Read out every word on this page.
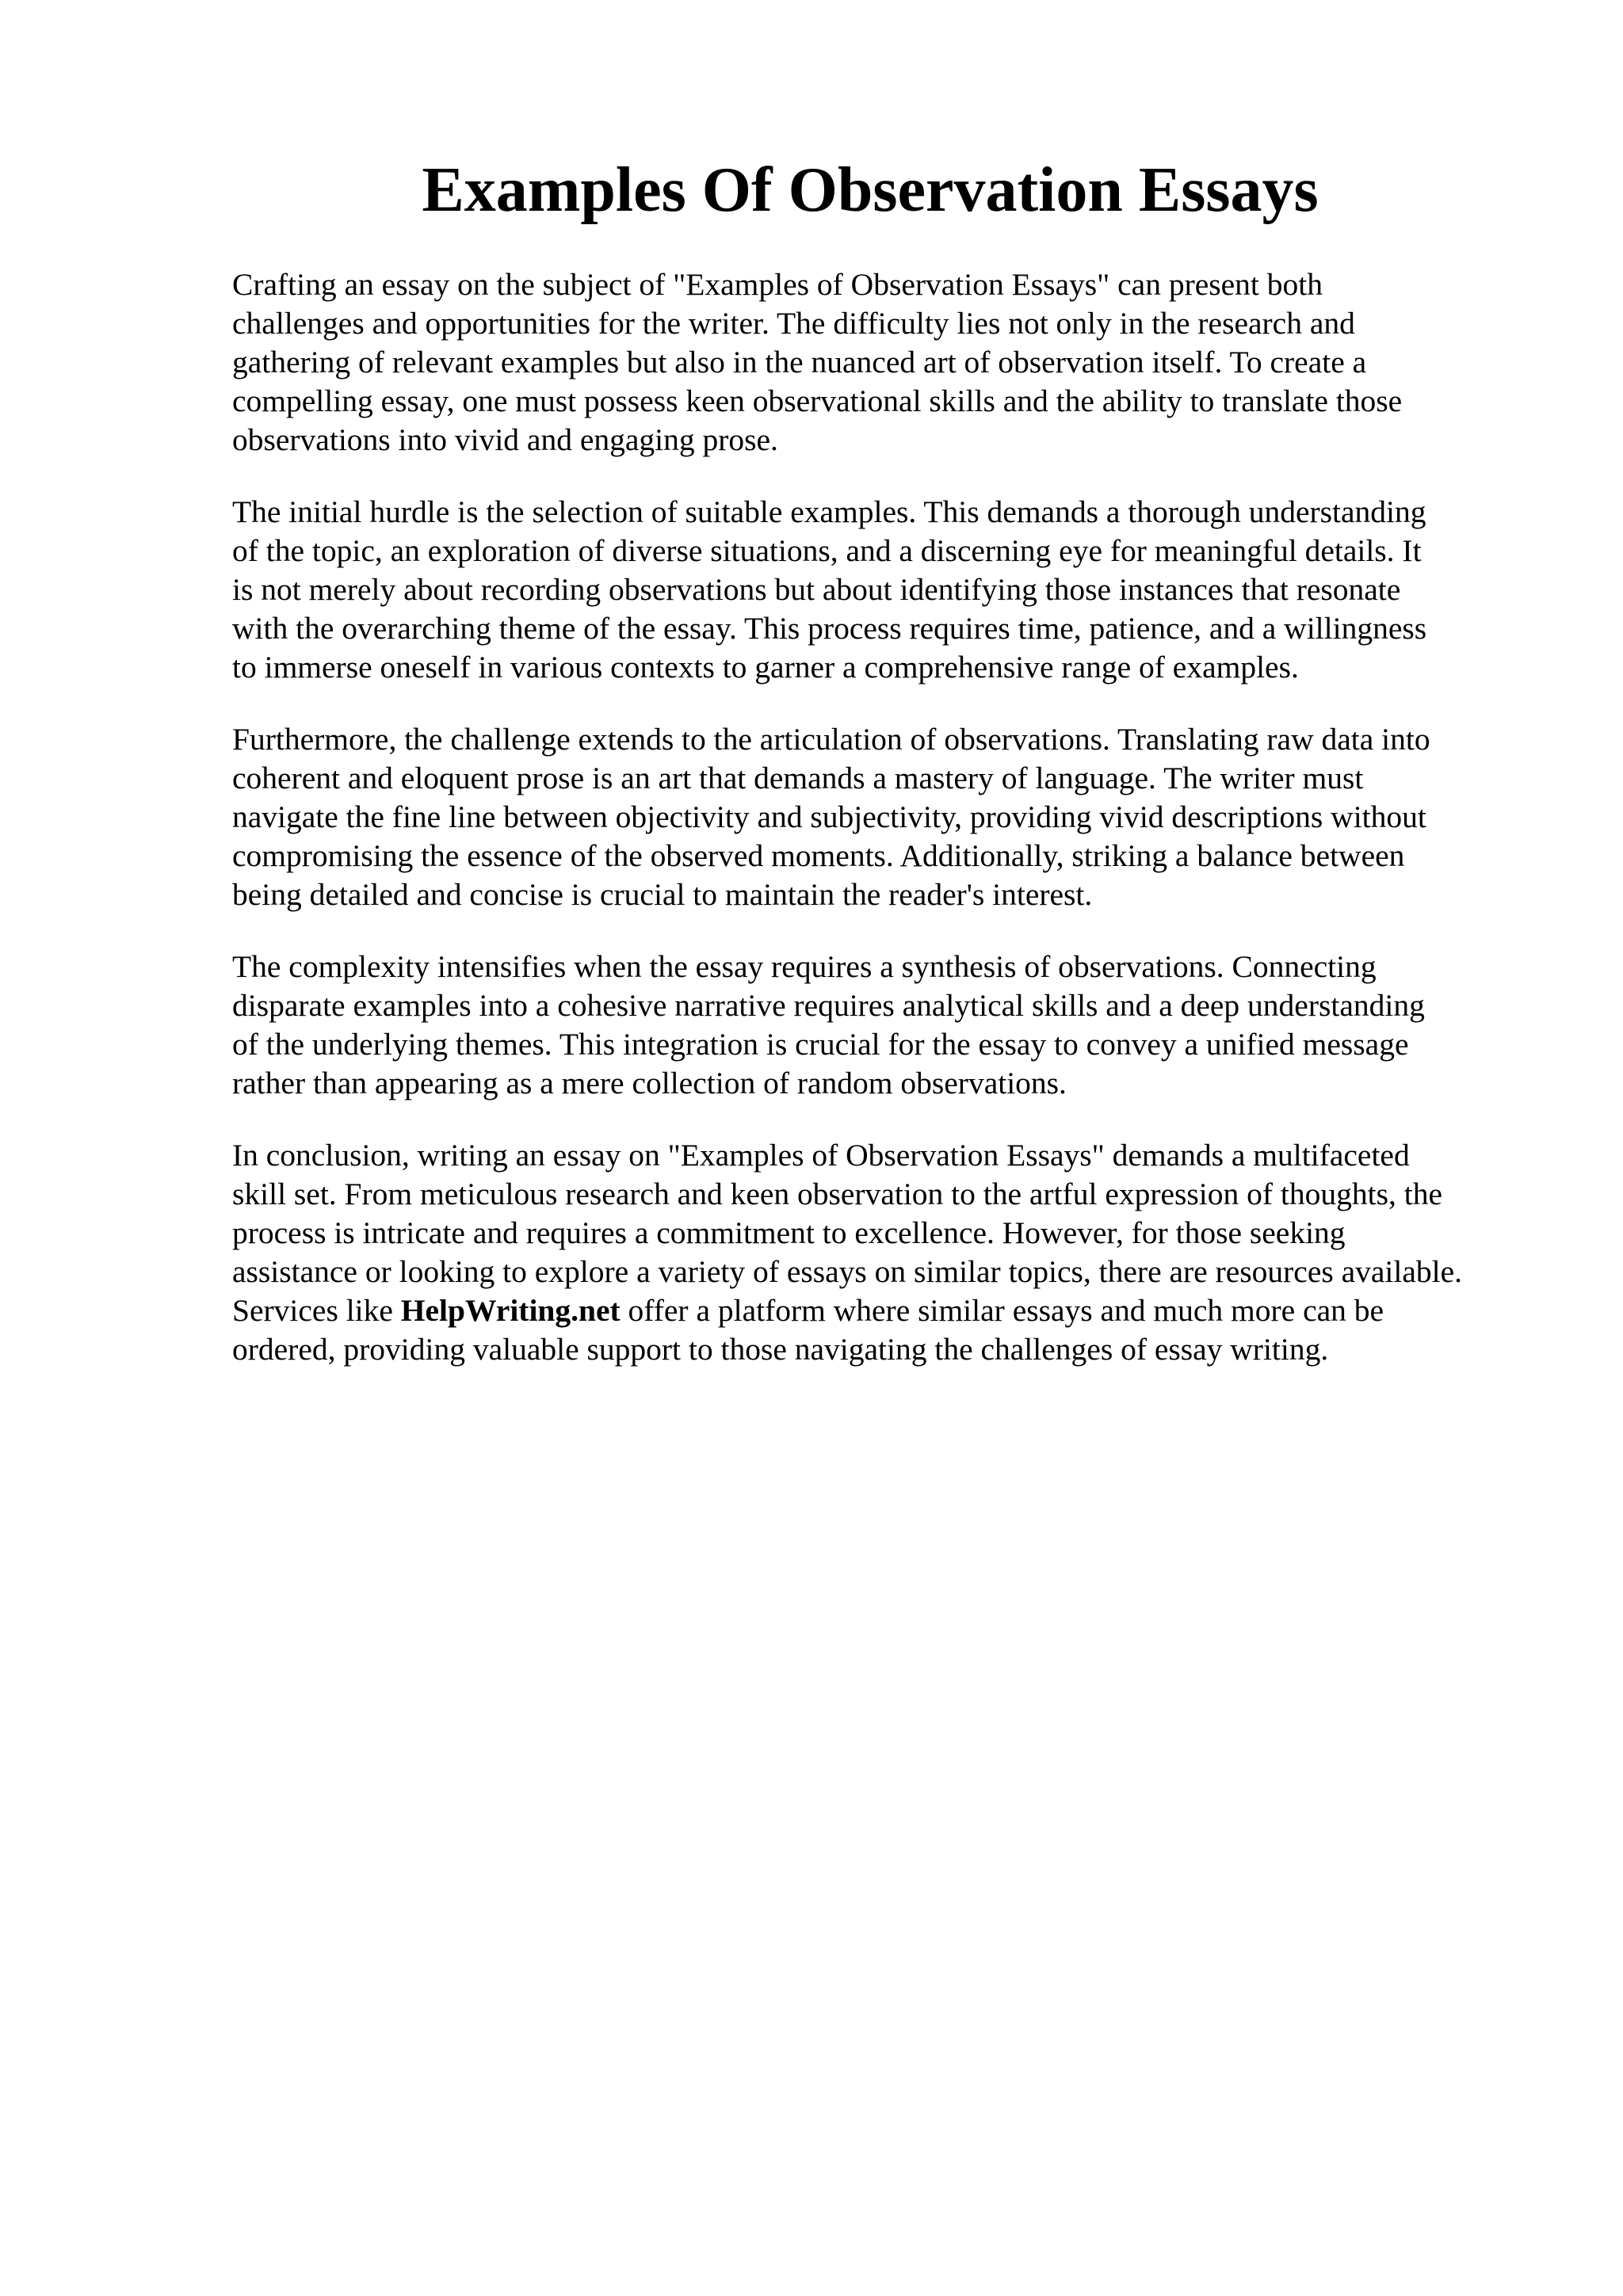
Examples Of Observation Essays

Crafting an essay on the subject of "Examples of Observation Essays" can present both
challenges and opportunities for the writer. The difficulty lies not only in the research and
gathering of relevant examples but also in the nuanced art of observation itself. To create a
compelling essay, one must possess keen observational skills and the ability to translate those
observations into vivid and engaging prose.

The initial hurdle is the selection of suitable examples. This demands a thorough understanding
of the topic, an exploration of diverse situations, and a discerning eye for meaningful details. It
is not merely about recording observations but about identifying those instances that resonate
with the overarching theme of the essay. This process requires time, patience, and a willingness
to immerse oneself in various contexts to garner a comprehensive range of examples.

Furthermore, the challenge extends to the articulation of observations. Translating raw data into
coherent and eloquent prose is an art that demands a mastery of language. The writer must
navigate the fine line between objectivity and subjectivity, providing vivid descriptions without
compromising the essence of the observed moments. Additionally, striking a balance between
being detailed and concise is crucial to maintain the reader's interest.

The complexity intensifies when the essay requires a synthesis of observations. Connecting
disparate examples into a cohesive narrative requires analytical skills and a deep understanding
of the underlying themes. This integration is crucial for the essay to convey a unified message
rather than appearing as a mere collection of random observations.

In conclusion, writing an essay on "Examples of Observation Essays" demands a multifaceted
skill set. From meticulous research and keen observation to the artful expression of thoughts, the
process is intricate and requires a commitment to excellence. However, for those seeking
assistance or looking to explore a variety of essays on similar topics, there are resources available.
Services like HelpWriting.net offer a platform where similar essays and much more can be
ordered, providing valuable support to those navigating the challenges of essay writing.
